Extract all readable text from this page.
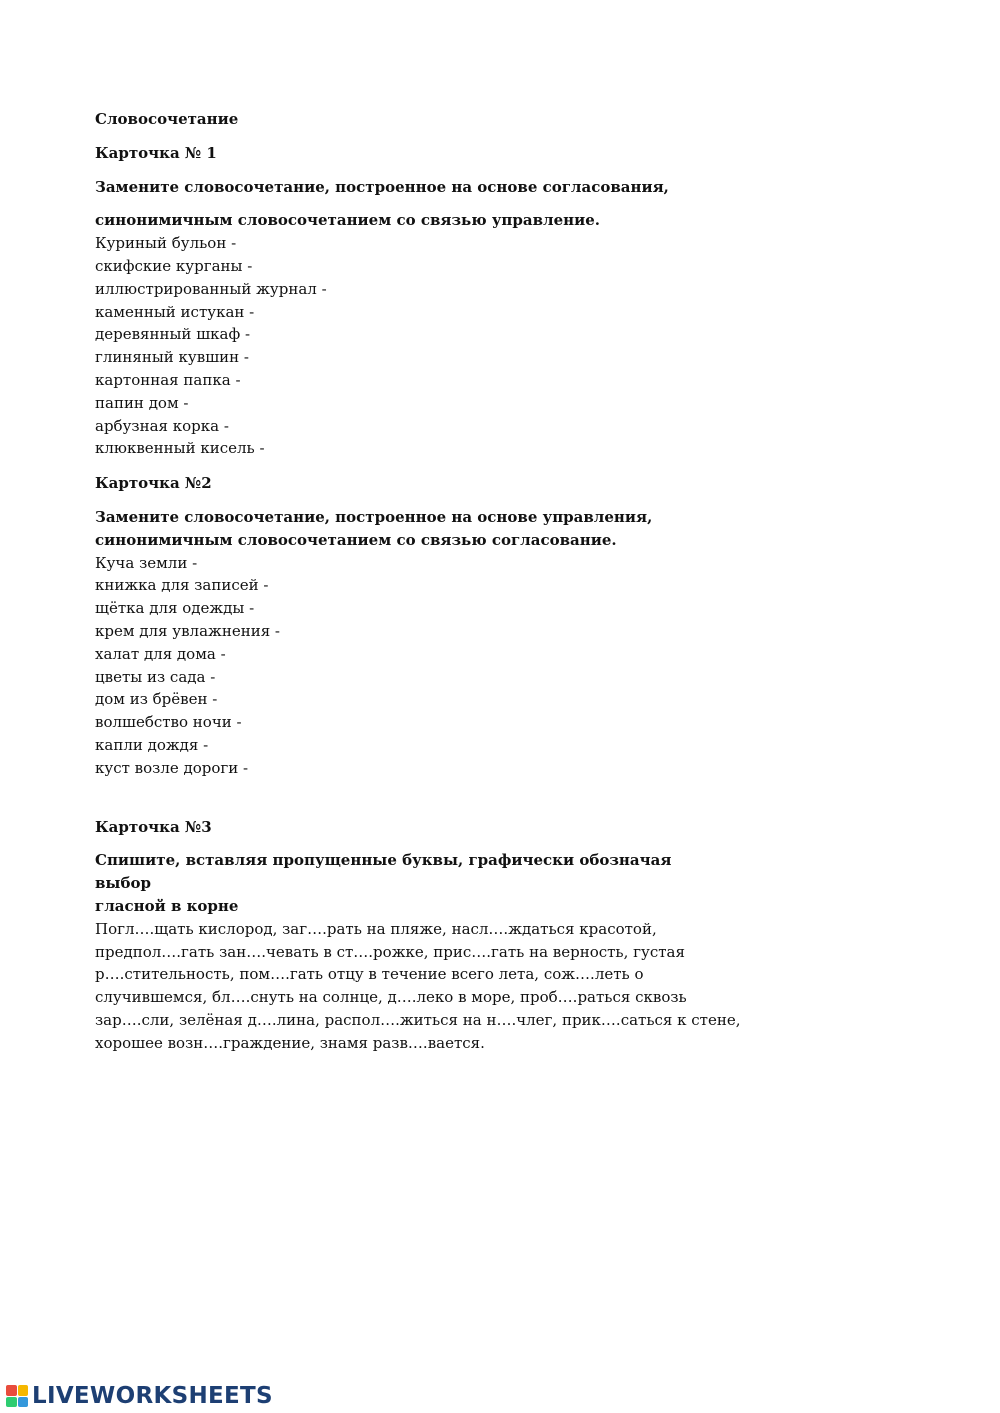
Словосочетание

Карточка № 1

Замените словосочетание, построенное на основе согласования,

синонимичным словосочетанием со связью управление.

Куриный бульон -
скифские курганы -
иллюстрированный журнал -
каменный истукан -
деревянный шкаф -
глиняный кувшин -
картонная папка -
папин дом -
арбузная корка -
клюквенный кисель -

Карточка №2

Замените словосочетание, построенное на основе управления,

синонимичным словосочетанием со связью согласование.

Куча земли -
книжка для записей -
щётка для одежды -
крем для увлажнения -
халат для дома -
цветы из сада -
дом из брёвен -
волшебство ночи -
капли дождя -
куст возле дороги -

Карточка №3

Спишите, вставляя пропущенные буквы, графически обозначая выбор

гласной в корне

Погл….щать кислород, заг….рать на пляже, насл….ждаться красотой,
предпол….гать зан….чевать в ст….рожке, прис….гать на верность, густая
р….стительность, пом….гать отцу в течение всего лета, сож….леть о
случившемся, бл….снуть на солнце, д….леко в море, проб….раться сквозь
зар….сли, зелёная д….лина, распол….житься на н….члег, прик….саться к стене,
хорошее возн….граждение, знамя разв….вается.
LIVEWORKSHEETS
